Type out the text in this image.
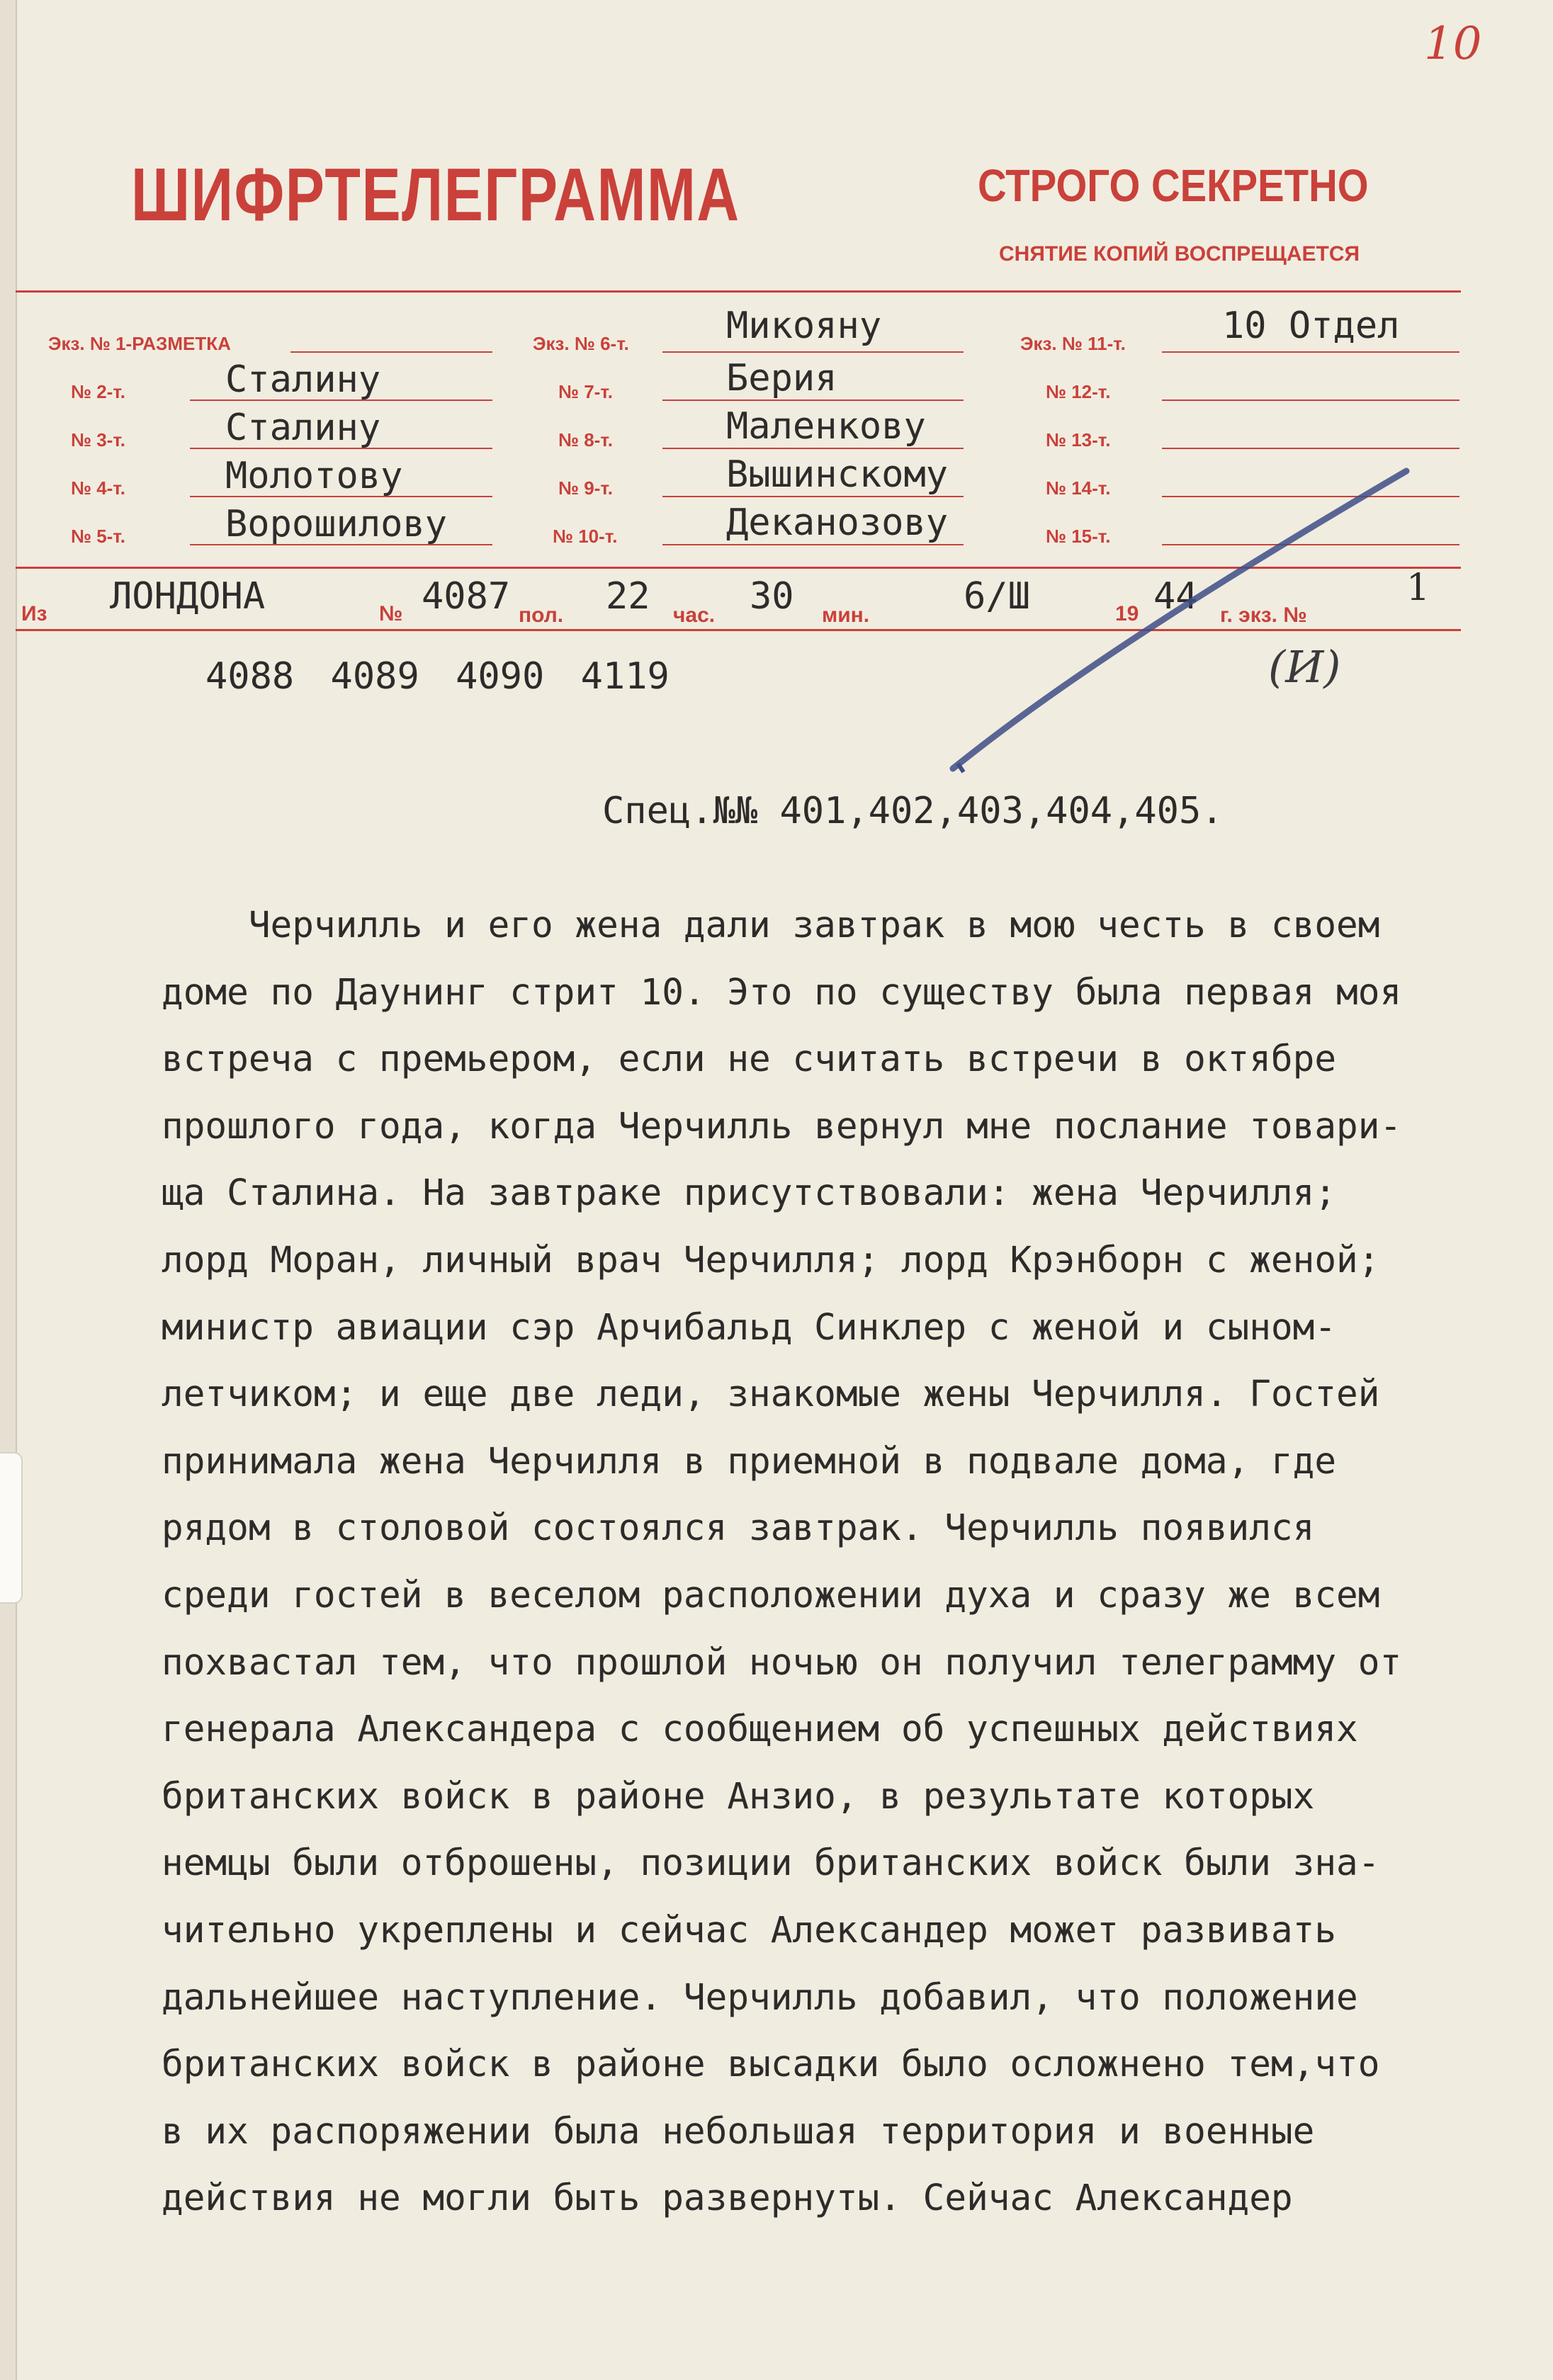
10
ШИФРТЕЛЕГРАММА	СТРОГО СЕКРЕТНО
СНЯТИЕ КОПИЙ ВОСПРЕЩАЕТСЯ
Экз. № 1-РАЗМЕТКА
№ 2-т.	Сталину
№ 3-т.	Сталину
№ 4-т.	Молотову
№ 5-т.	Ворошилову
Экз. № 6-т.	Микояну
№ 7-т.	Берия
№ 8-т.	Маленкову
№ 9-т.	Вышинскому
№ 10-т.	Деканозову
Экз. № 11-т.	10 Отдел
№ 12-т.
№ 13-т.
№ 14-т.
№ 15-т.
Из ЛОНДОНА	№ 4087 пол. 22 час. 30 мин.	6/Ш	19 44 г. экз. №
1
4088 4089 4090 4119	(И)
Спец.№№ 401,402,403,404,405.
Черчилль и его жена дали завтрак в мою честь в своем
доме по Даунинг стрит 10. Это по существу была первая моя
встреча с премьером, если не считать встречи в октябре
прошлого года, когда Черчилль вернул мне послание товари-
ща Сталина. На завтраке присутствовали: жена Черчилля;
лорд Моран, личный врач Черчилля; лорд Крэнборн с женой;
министр авиации сэр Арчибальд Синклер с женой и сыном-
летчиком; и еще две леди, знакомые жены Черчилля. Гостей
принимала жена Черчилля в приемной в подвале дома, где
рядом в столовой состоялся завтрак. Черчилль появился
среди гостей в веселом расположении духа и сразу же всем
похвастал тем, что прошлой ночью он получил телеграмму от
генерала Александера с сообщением об успешных действиях
британских войск в районе Анзио, в результате которых
немцы были отброшены, позиции британских войск были зна-
чительно укреплены и сейчас Александер может развивать
дальнейшее наступление. Черчилль добавил, что положение
британских войск в районе высадки было осложнено тем,что
в их распоряжении была небольшая территория и военные
действия не могли быть развернуты. Сейчас Александер
